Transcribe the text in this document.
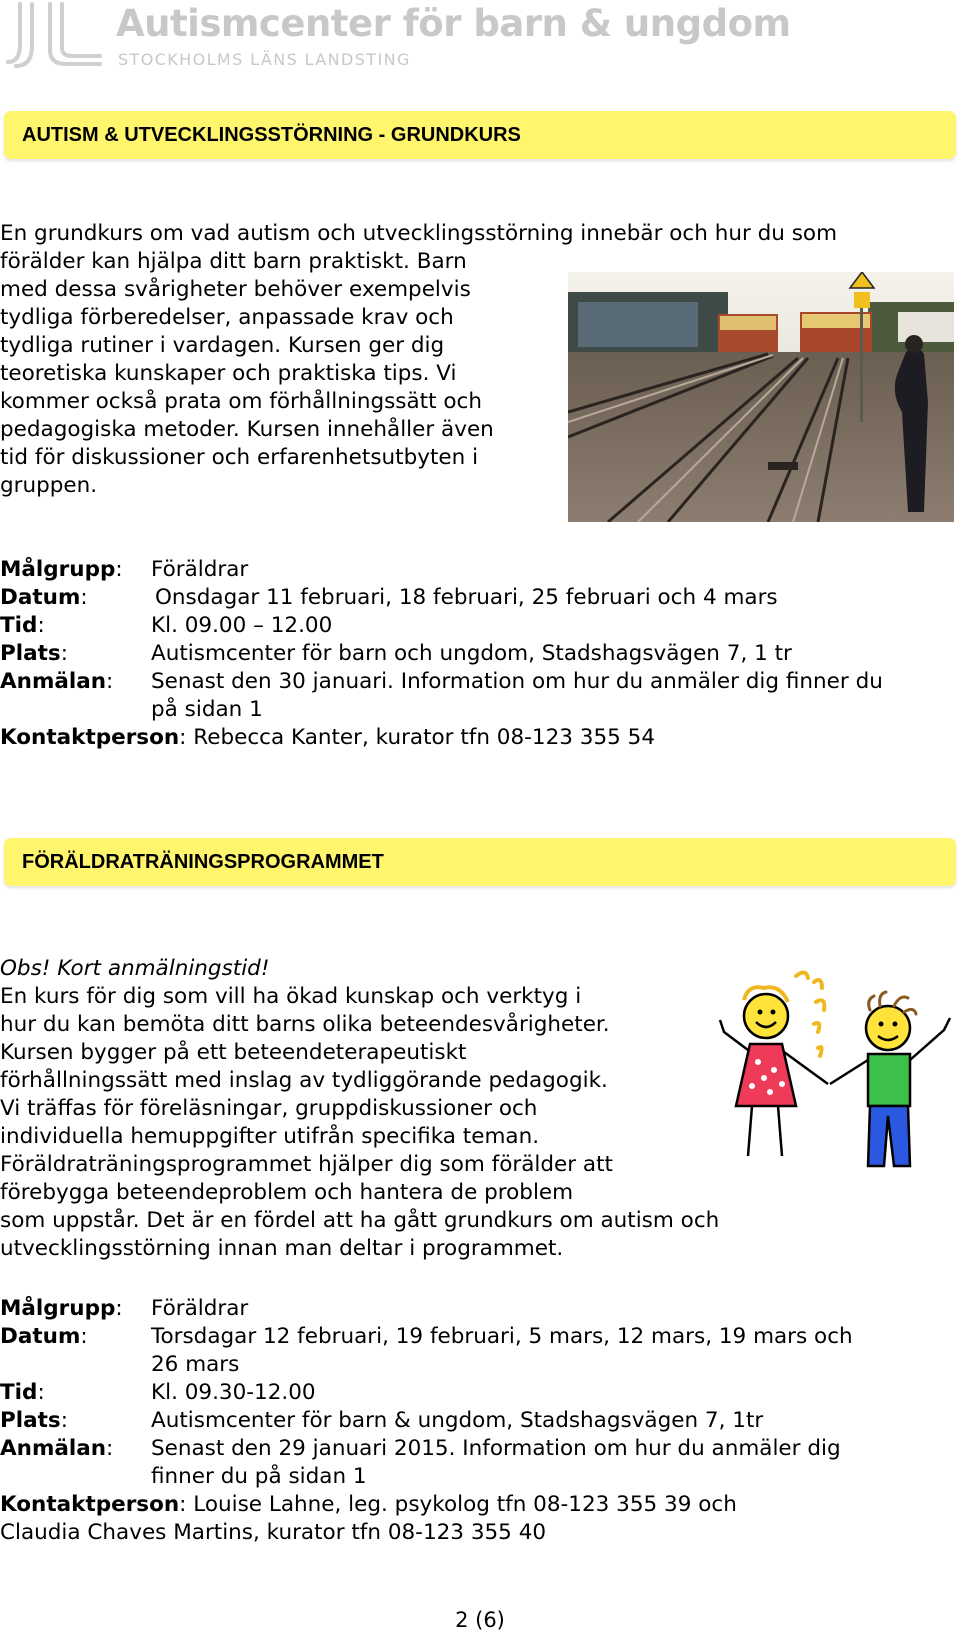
Autismcenter för barn & ungdom
STOCKHOLMS LÄNS LANDSTING
AUTISM & UTVECKLINGSSTÖRNING - GRUNDKURS
En grundkurs om vad autism och utvecklingsstörning innebär och hur du som
förälder kan hjälpa ditt barn praktiskt. Barn
med dessa svårigheter behöver exempelvis
tydliga förberedelser, anpassade krav och
tydliga rutiner i vardagen. Kursen ger dig
teoretiska kunskaper och praktiska tips. Vi
kommer också prata om förhållningssätt och
pedagogiska metoder. Kursen innehåller även
tid för diskussioner och erfarenhetsutbyten i
gruppen.
Målgrupp: Föräldrar
Datum:	Onsdagar 11 februari, 18 februari, 25 februari och 4 mars
Tid:	Kl. 09.00 – 12.00
Plats:	Autismcenter för barn och ungdom, Stadshagsvägen 7, 1 tr
Anmälan: Senast den 30 januari. Information om hur du anmäler dig finner du
på sidan 1
Kontaktperson: Rebecca Kanter, kurator tfn 08-123 355 54
FÖRÄLDRATRÄNINGSPROGRAMMET
Obs! Kort anmälningstid!
En kurs för dig som vill ha ökad kunskap och verktyg i
hur du kan bemöta ditt barns olika beteendesvårigheter.
Kursen bygger på ett beteendeterapeutiskt
förhållningssätt med inslag av tydliggörande pedagogik.
Vi träffas för föreläsningar, gruppdiskussioner och
individuella hemuppgifter utifrån specifika teman.
Föräldraträningsprogrammet hjälper dig som förälder att
förebygga beteendeproblem och hantera de problem
som uppstår. Det är en fördel att ha gått grundkurs om autism och
utvecklingsstörning innan man deltar i programmet.
Målgrupp: Föräldrar
Datum:	Torsdagar 12 februari, 19 februari, 5 mars, 12 mars, 19 mars och
26 mars
Tid:	Kl. 09.30-12.00
Plats:	Autismcenter för barn & ungdom, Stadshagsvägen 7, 1tr
Anmälan: Senast den 29 januari 2015. Information om hur du anmäler dig
finner du på sidan 1
Kontaktperson: Louise Lahne, leg. psykolog tfn 08-123 355 39 och
Claudia Chaves Martins, kurator tfn 08-123 355 40
2 (6)
